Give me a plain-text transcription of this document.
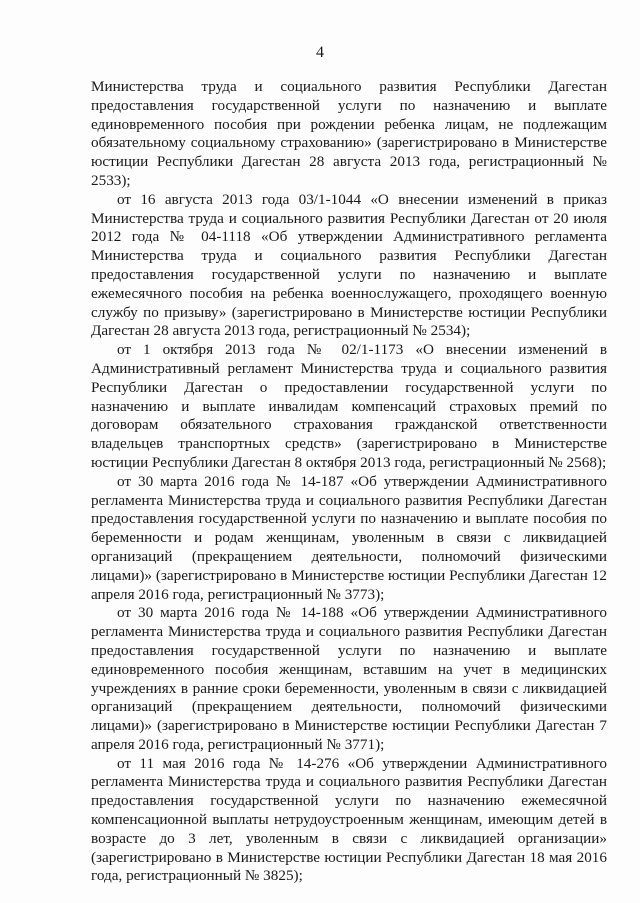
4

Министерства труда и социального развития Республики Дагестан

предоставления государственной услуги по назначению и выплате единовременного пособия при рождении ребенка лицам, не подлежащим обязательному социальному страхованию» (зарегистрировано в Министерстве юстиции Республики Дагестан 28 августа 2013 года, регистрационный № 2533);

от 16 августа 2013 года 03/1-1044 «О внесении изменений в приказ

Министерства труда и социального развития Республики Дагестан от 20 июля 2012 года № 04-1118 «Об утверждении Административного регламента Министерства труда и социального развития Республики Дагестан предоставления государственной услуги по назначению и выплате ежемесячного пособия на ребенка военнослужащего, проходящего военную службу по призыву» (зарегистрировано в Министерстве юстиции Республики Дагестан 28 августа 2013 года, регистрационный № 2534);

от 1 октября 2013 года № 02/1-1173 «О внесении изменений в

Административный регламент Министерства труда и социального развития Республики Дагестан о предоставлении государственной услуги по назначению и выплате инвалидам компенсаций страховых премий по договорам обязательного страхования гражданской ответственности владельцев транспортных средств» (зарегистрировано в Министерстве юстиции Республики Дагестан 8 октября 2013 года, регистрационный № 2568);

от 30 марта 2016 года № 14-187 «Об утверждении Административного

регламента Министерства труда и социального развития Республики Дагестан предоставления государственной услуги по назначению и выплате пособия по беременности и родам женщинам, уволенным в связи с ликвидацией организаций (прекращением деятельности, полномочий физическими лицами)» (зарегистрировано в Министерстве юстиции Республики Дагестан 12 апреля 2016 года, регистрационный № 3773);

от 30 марта 2016 года № 14-188 «Об утверждении Административного

регламента Министерства труда и социального развития Республики Дагестан предоставления государственной услуги по назначению и выплате единовременного пособия женщинам, вставшим на учет в медицинских учреждениях в ранние сроки беременности, уволенным в связи с ликвидацией организаций (прекращением деятельности, полномочий физическими лицами)» (зарегистрировано в Министерстве юстиции Республики Дагестан 7 апреля 2016 года, регистрационный № 3771);

от 11 мая 2016 года № 14-276 «Об утверждении Административного

регламента Министерства труда и социального развития Республики Дагестан предоставления государственной услуги по назначению ежемесячной компенсационной выплаты нетрудоустроенным женщинам, имеющим детей в возрасте до 3 лет, уволенным в связи с ликвидацией организации» (зарегистрировано в Министерстве юстиции Республики Дагестан 18 мая 2016 года, регистрационный № 3825);
